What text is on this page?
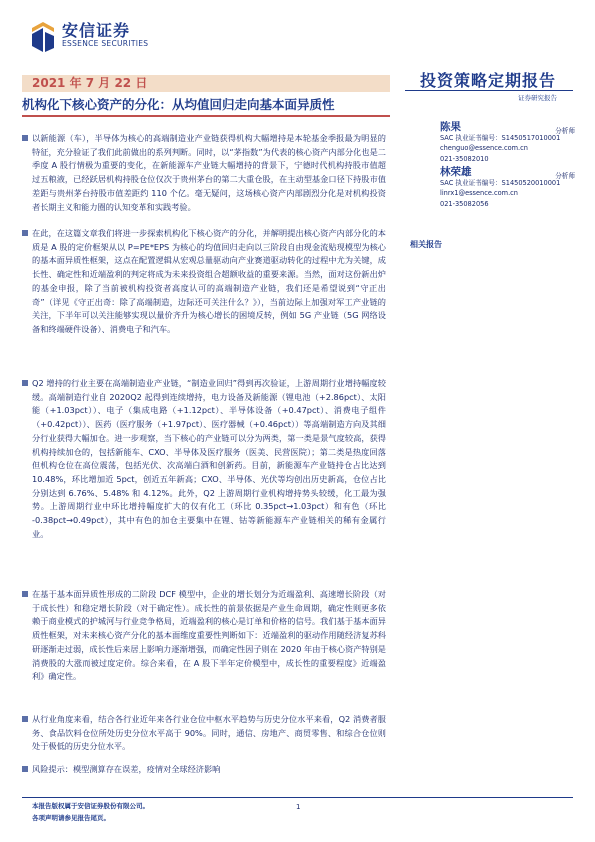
安信证券
ESSENCE SECURITIES
投资策略定期报告
证券研究报告
2021 年 7 月 22 日
机构化下核心资产的分化：从均值回归走向基本面异质性
以新能源（车），半导体为核心的高端制造业产业链获得机构大幅增持是本轮基金季报最为明显的特征，充分验证了我们此前做出的系列判断。同时，以“茅指数”为代表的核心资产内部分化也是二季度 A 股行情极为重要的变化，在新能源车产业链大幅增持的背景下，宁德时代机构持股市值超过五粮液，已经跃居机构持股仓位仅次于贵州茅台的第二大重仓股，在主动型基金口径下持股市值差距与贵州茅台持股市值差距约 110 个亿。毫无疑问，这场核心资产内部剧烈分化是对机构投资者长期主义和能力圈的认知变革和实践考验。
在此，在这篇文章我们将进一步探索机构化下核心资产的分化，并解明提出核心资产内部分化的本质是 A 股的定价框架从以 P=PE*EPS 为核心的均值回归走向以三阶段自由现金流贴现模型为核心的基本面异质性框架，这点在配置逻辑从宏观总量驱动向产业赛道驱动转化的过程中尤为关键，成长性、确定性和近端盈利的判定将成为未来投资组合超额收益的重要来源。当然，面对这份新出炉的基金申报，除了当前被机构投资者高度认可的高端制造产业链，我们还是希望说到“守正出奇”（详见《守正出奇：除了高端制造，边际还可关注什么？》），当前边际上加强对军工产业链的关注，下半年可以关注能够实现以量价齐升为核心增长的困境反转，例如 5G 产业链（5G 网络设备和终端硬件设备）、消费电子和汽车。
Q2 增持的行业主要在高端制造业产业链，“制造业回归”得到再次验证，上游周期行业增持幅度较缓。高端制造行业自 2020Q2 起得到连续增持，电力设备及新能源（锂电池（+2.86pct）、太阳能（+1.03pct））、电子（集成电路（+1.12pct）、半导体设备（+0.47pct）、消费电子组件（+0.42pct））、医药（医疗服务（+1.97pct）、医疗器械（+0.46pct））等高端制造方向及其细分行业获得大幅加仓。进一步观察，当下核心的产业链可以分为两类，第一类是景气度较高，获得机构持续加仓的，包括新能车、CXO、半导体及医疗服务（医美、民营医院）；第二类是热度回落但机构仓位在高位震荡，包括光伏、次高端白酒和创新药。目前，新能源车产业链持仓占比达到 10.48%，环比增加近 5pct，创近五年新高；CXO、半导体、光伏等均创出历史新高，仓位占比分别达到 6.76%、5.48% 和 4.12%。此外，Q2 上游周期行业机构增持势头较缓，化工最为强势。上游周期行业中环比增持幅度扩大的仅有化工（环比 0.35pct→1.03pct）和有色（环比 -0.38pct→0.49pct），其中有色的加仓主要集中在锂、钴等新能源车产业链相关的稀有金属行业。
在基于基本面异质性形成的二阶段 DCF 模型中，企业的增长划分为近端盈利、高速增长阶段（对于成长性）和稳定增长阶段（对于确定性）。成长性的前景依据是产业生命周期，确定性则更多依赖于商业模式的护城河与行业竞争格局，近端盈利的核心是订单和价格的信号。我们基于基本面异质性框架，对未来核心资产分化的基本面维度重要性判断如下：近端盈利的驱动作用随经济复苏科研逐渐走过弱，成长性后来居上影响力逐渐增强，而确定性因子则在 2020 年由于核心资产特别是消费股的大涨而被过度定价。综合来看，在 A 股下半年定价模型中，成长性的重要程度》近端盈利》确定性。
从行业角度来看，结合各行业近年来各行业仓位中枢水平趋势与历史分位水平来看，Q2 消费者服务、食品饮料仓位所处历史分位水平高于 90%。同时，通信、房地产、商贸零售、和综合仓位则处于极低的历史分位水平。
风险提示：模型测算存在误差，疫情对全球经济影响
陈果	分析师
SAC 执业证书编号：S1450517010001
chenguo@essence.com.cn
021-35082010
林荣雄	分析师
SAC 执业证书编号：S1450520010001
linrx1@essence.com.cn
021-35082056
相关报告
本报告版权属于安信证券股份有限公司。
各项声明请参见报告尾页。
1
